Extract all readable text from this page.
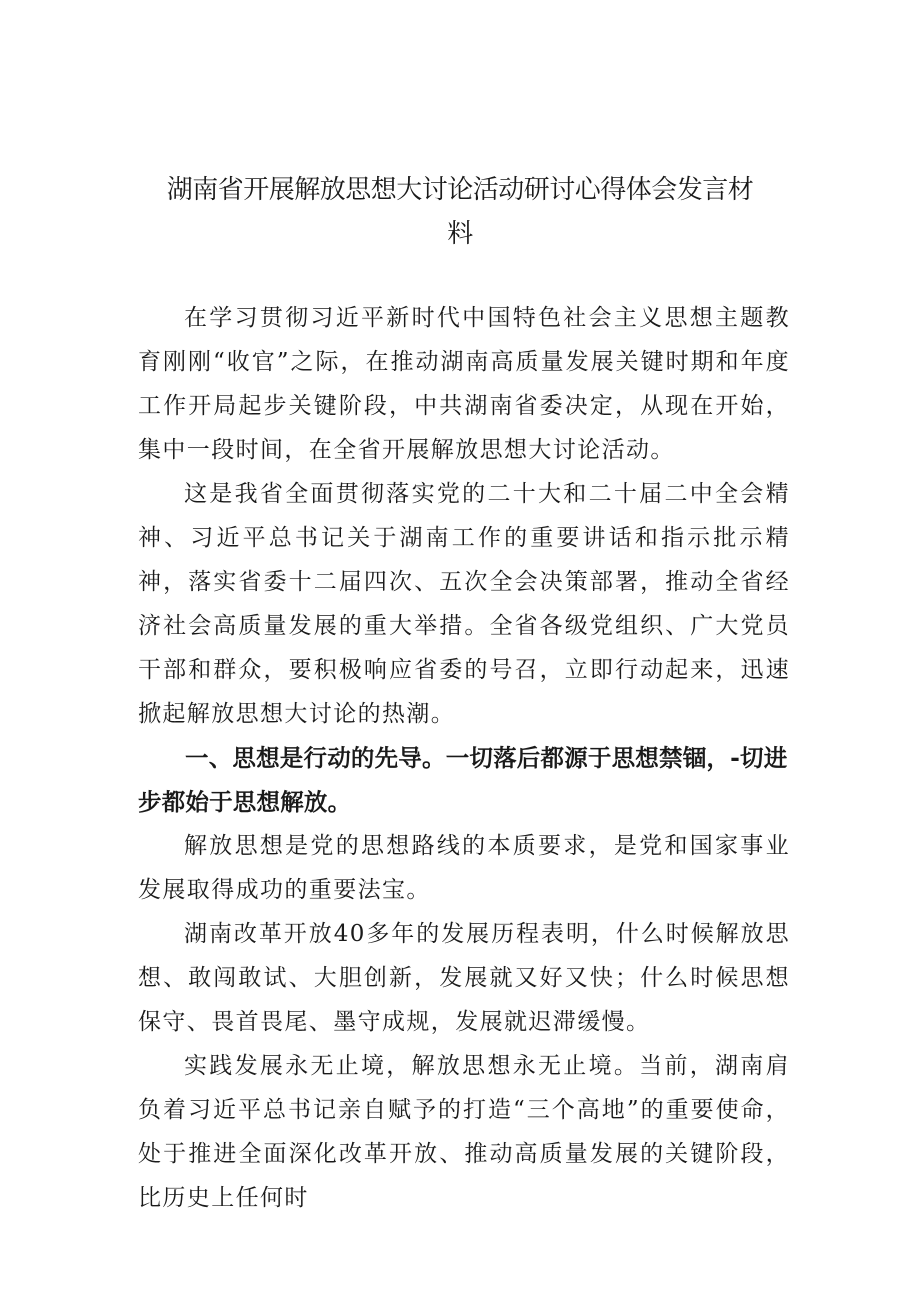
湖南省开展解放思想大讨论活动研讨心得体会发言材
料

在学习贯彻习近平新时代中国特色社会主义思想主题教育刚刚“收官”之际，在推动湖南高质量发展关键时期和年度工作开局起步关键阶段，中共湖南省委决定，从现在开始，集中一段时间，在全省开展解放思想大讨论活动。

这是我省全面贯彻落实党的二十大和二十届二中全会精神、习近平总书记关于湖南工作的重要讲话和指示批示精神，落实省委十二届四次、五次全会决策部署，推动全省经济社会高质量发展的重大举措。全省各级党组织、广大党员干部和群众，要积极响应省委的号召，立即行动起来，迅速掀起解放思想大讨论的热潮。

一、思想是行动的先导。一切落后都源于思想禁锢，-切进步都始于思想解放。

解放思想是党的思想路线的本质要求，是党和国家事业发展取得成功的重要法宝。

湖南改革开放40多年的发展历程表明，什么时候解放思想、敢闯敢试、大胆创新，发展就又好又快；什么时候思想保守、畏首畏尾、墨守成规，发展就迟滞缓慢。

实践发展永无止境，解放思想永无止境。当前，湖南肩负着习近平总书记亲自赋予的打造“三个高地”的重要使命，处于推进全面深化改革开放、推动高质量发展的关键阶段，比历史上任何时
